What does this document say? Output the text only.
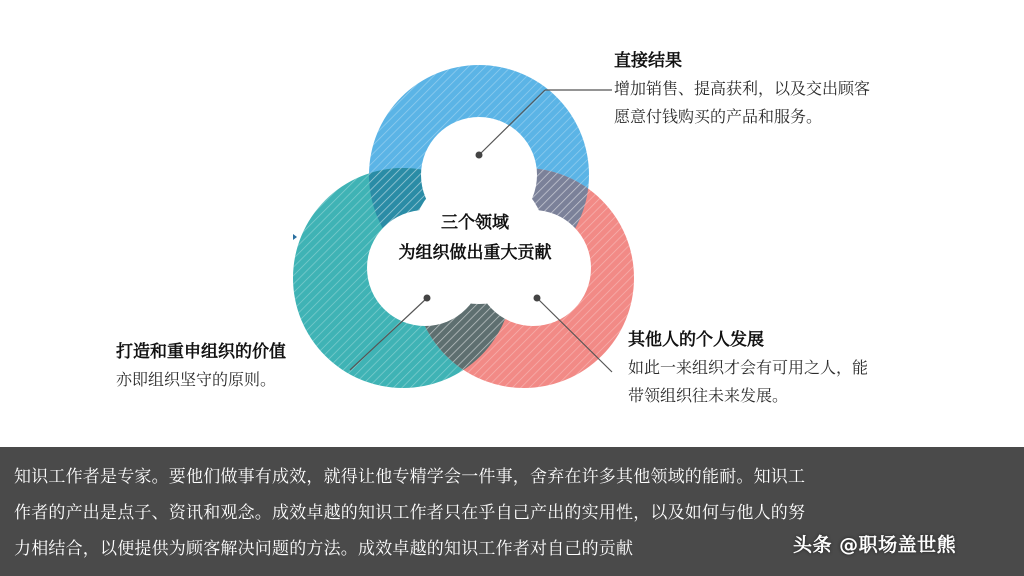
三个领域
为组织做出重大贡献
直接结果
增加销售、提高获利，以及交出顾客
愿意付钱购买的产品和服务。
打造和重申组织的价值
亦即组织坚守的原则。
其他人的个人发展
如此一来组织才会有可用之人，能
带领组织往未来发展。

知识工作者是专家。要他们做事有成效，就得让他专精学会一件事，舍弃在许多其他领域的能耐。知识工

作者的产出是点子、资讯和观念。成效卓越的知识工作者只在乎自己产出的实用性，以及如何与他人的努

力相结合，以便提供为顾客解决问题的方法。成效卓越的知识工作者对自己的贡献	头条 @职场盖世熊
